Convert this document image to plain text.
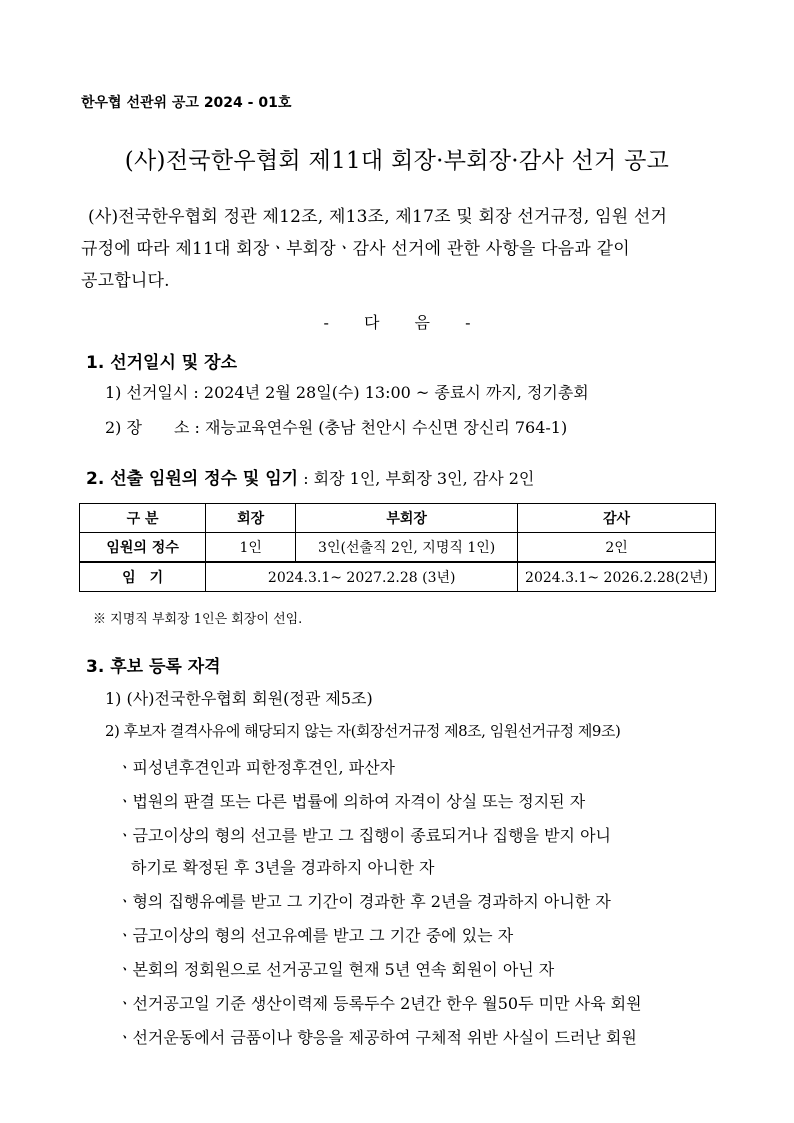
한우협 선관위 공고 2024 - 01호
(사)전국한우협회 제11대 회장·부회장·감사 선거 공고
(사)전국한우협회 정관 제12조, 제13조, 제17조 및 회장 선거규정, 임원 선거
규정에 따라 제11대 회장ㆍ부회장ㆍ감사 선거에 관한 사항을 다음과 같이
공고합니다.
- 다 음 -
1. 선거일시 및 장소
1) 선거일시 : 2024년 2월 28일(수) 13:00 ~ 종료시 까지, 정기총회
2) 장　　소 : 재능교육연수원 (충남 천안시 수신면 장신리 764-1)
2. 선출 임원의 정수 및 임기 : 회장 1인, 부회장 3인, 감사 2인
구 분	회장	부회장	감사
임원의 정수	1인	3인(선출직 2인, 지명직 1인)	2인
임　기	2024.3.1~ 2027.2.28 (3년) 2024.3.1~ 2026.2.28(2년)		
※ 지명직 부회장 1인은 회장이 선임.
3. 후보 등록 자격
1) (사)전국한우협회 회원(정관 제5조)
2) 후보자 결격사유에 해당되지 않는 자(회장선거규정 제8조, 임원선거규정 제9조)
ㆍ피성년후견인과 피한정후견인, 파산자
ㆍ법원의 판결 또는 다른 법률에 의하여 자격이 상실 또는 정지된 자
ㆍ금고이상의 형의 선고를 받고 그 집행이 종료되거나 집행을 받지 아니
하기로 확정된 후 3년을 경과하지 아니한 자
ㆍ형의 집행유예를 받고 그 기간이 경과한 후 2년을 경과하지 아니한 자
ㆍ금고이상의 형의 선고유예를 받고 그 기간 중에 있는 자
ㆍ본회의 정회원으로 선거공고일 현재 5년 연속 회원이 아닌 자
ㆍ선거공고일 기준 생산이력제 등록두수 2년간 한우 월50두 미만 사육 회원
ㆍ선거운동에서 금품이나 향응을 제공하여 구체적 위반 사실이 드러난 회원
